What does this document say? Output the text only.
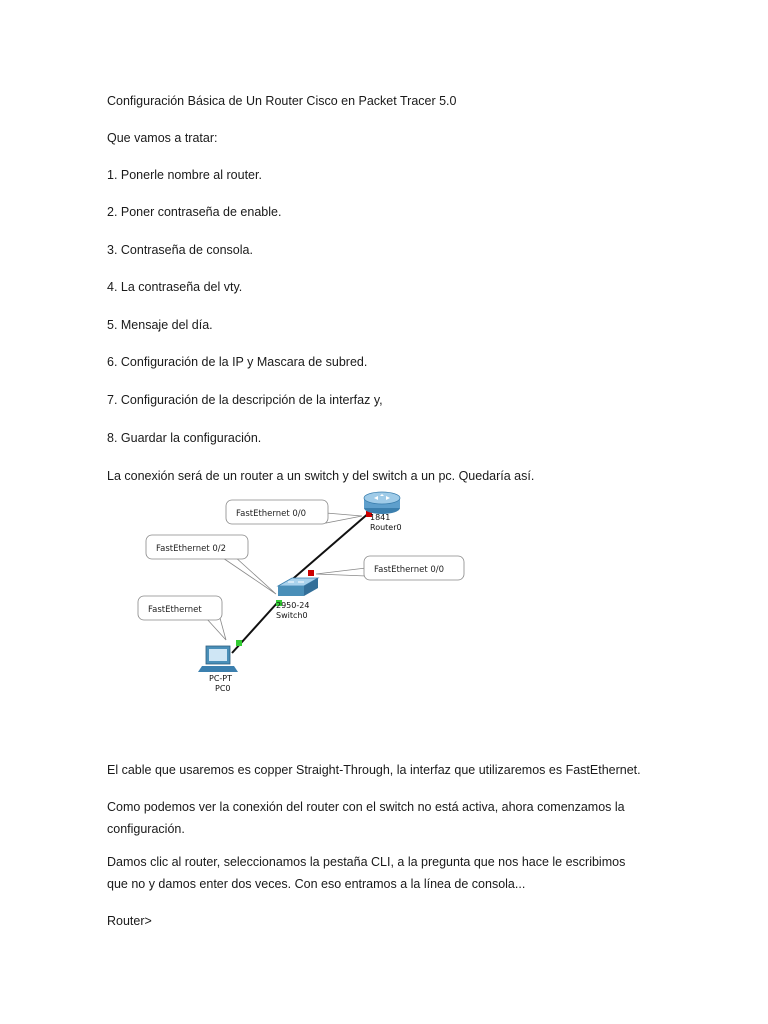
Configuración Básica de Un Router Cisco en Packet Tracer 5.0
Que vamos a tratar:
1. Ponerle nombre al router.
2. Poner contraseña de enable.
3. Contraseña de consola.
4. La contraseña del vty.
5. Mensaje del día.
6. Configuración de la IP y Mascara de subred.
7. Configuración de la descripción de la interfaz y,
8. Guardar la configuración.
La conexión será de un router a un switch y del switch a un pc. Quedaría así.
FastEthernet 0/0
FastEthernet 0/2
FastEthernet 0/0
FastEthernet
1841
Router0
2950-24
Switch0
PC-PT
PC0
El cable que usaremos es copper Straight-Through, la interfaz que utilizaremos es FastEthernet.
Como podemos ver la conexión del router con el switch no está activa, ahora comenzamos la configuración.
Damos clic al router, seleccionamos la pestaña CLI, a la pregunta que nos hace le escribimos que no y damos enter dos veces. Con eso entramos a la línea de consola...
Router>
